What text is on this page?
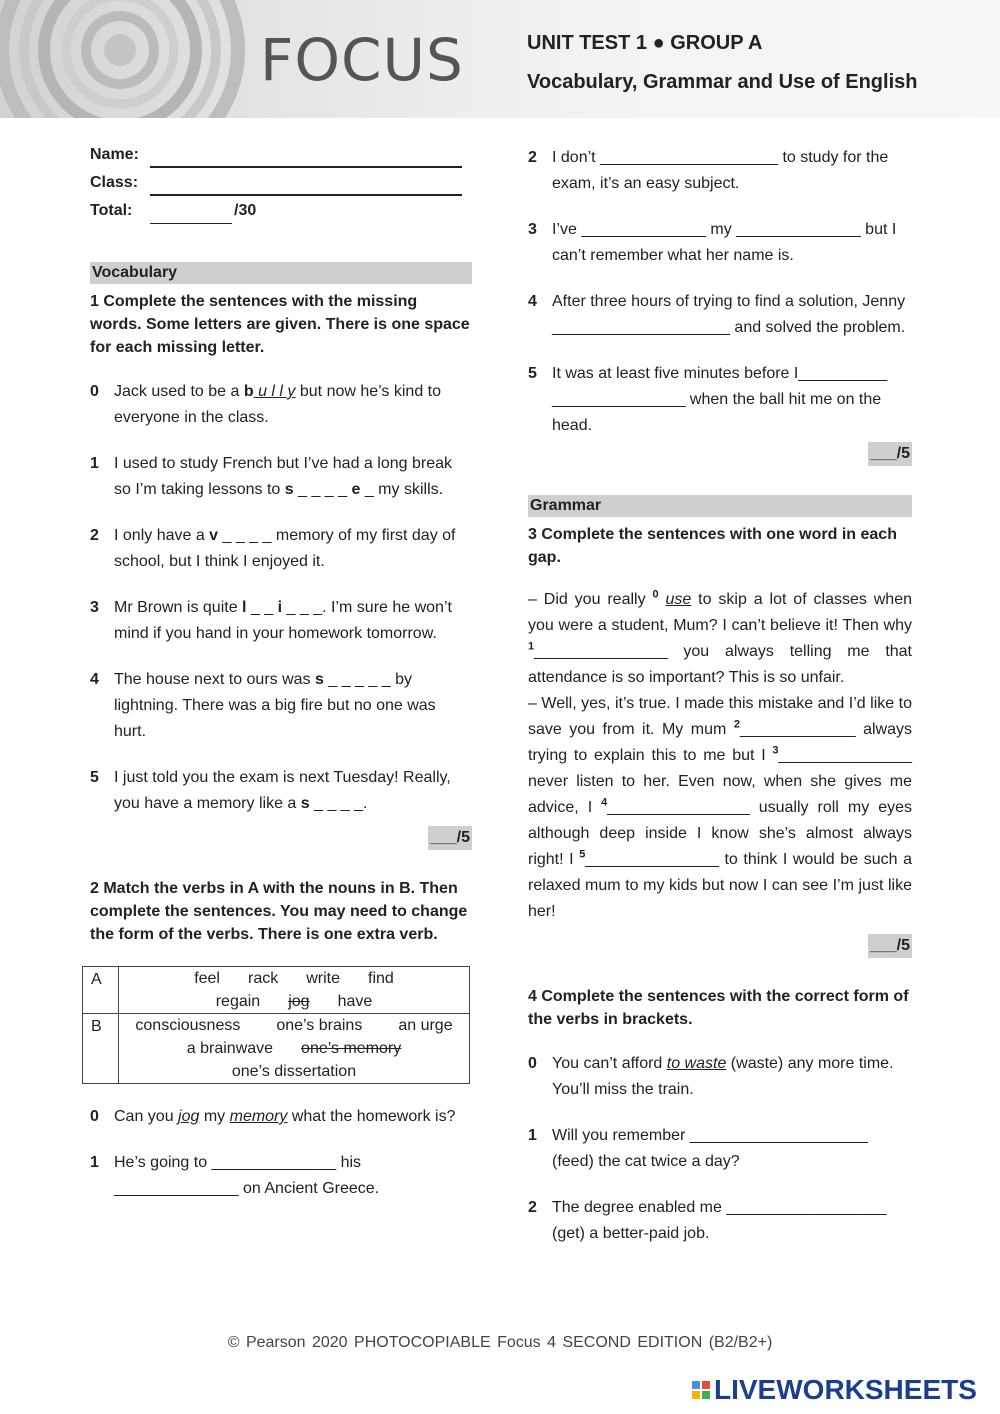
FOCUS	UNIT TEST 1 ● GROUP A
Vocabulary, Grammar and Use of English
Name:
Class:
Total:	/30
Vocabulary
1 Complete the sentences with the missing words. Some letters are given. There is one space for each missing letter.
0 Jack used to be a b u l l y but now he’s kind to everyone in the class.
1 I used to study French but I’ve had a long break so I’m taking lessons to s _ _ _ _ e _ my skills.
2 I only have a v _ _ _ _ memory of my first day of school, but I think I enjoyed it.
3 Mr Brown is quite l _ _ i _ _ _. I’m sure he won’t mind if you hand in your homework tomorrow.
4 The house next to ours was s _ _ _ _ _ by lightning. There was a big fire but no one was hurt.
5 I just told you the exam is next Tuesday! Really, you have a memory like a s _ _ _ _.
___/5
2 Match the verbs in A with the nouns in B. Then complete the sentences. You may need to change the form of the verbs. There is one extra verb.
A	feel rack write find
regain jog have
B	consciousness one’s brains an urge
a brainwave one’s memory
one’s dissertation
0 Can you jog my memory what the homework is?
1 He’s going to ______________ his ______________ on Ancient Greece.
2 I don’t ____________________ to study for the exam, it’s an easy subject.
3 I’ve ______________ my ______________ but I can’t remember what her name is.
4 After three hours of trying to find a solution, Jenny ____________________ and solved the problem.
5 It was at least five minutes before I__________ _______________ when the ball hit me on the head.
___/5
Grammar
3 Complete the sentences with one word in each gap.
– Did you really $^0$ use to skip a lot of classes when you were a student, Mum? I can’t believe it! Then why $^1$_______________ you always telling me that attendance is so important? This is so unfair.
– Well, yes, it’s true. I made this mistake and I’d like to save you from it. My mum $^2$_____________ always trying to explain this to me but I $^3$_______________ never listen to her. Even now, when she gives me advice, I $^4$________________ usually roll my eyes although deep inside I know she’s almost always right! I $^5$_______________ to think I would be such a relaxed mum to my kids but now I can see I’m just like her!
___/5
4 Complete the sentences with the correct form of the verbs in brackets.
0 You can’t afford to waste (waste) any more time. You’ll miss the train.
1 Will you remember ____________________ (feed) the cat twice a day?
2 The degree enabled me __________________ (get) a better-paid job.
© Pearson 2020 PHOTOCOPIABLE Focus 4 SECOND EDITION (B2/B2+)
LIVEWORKSHEETS
